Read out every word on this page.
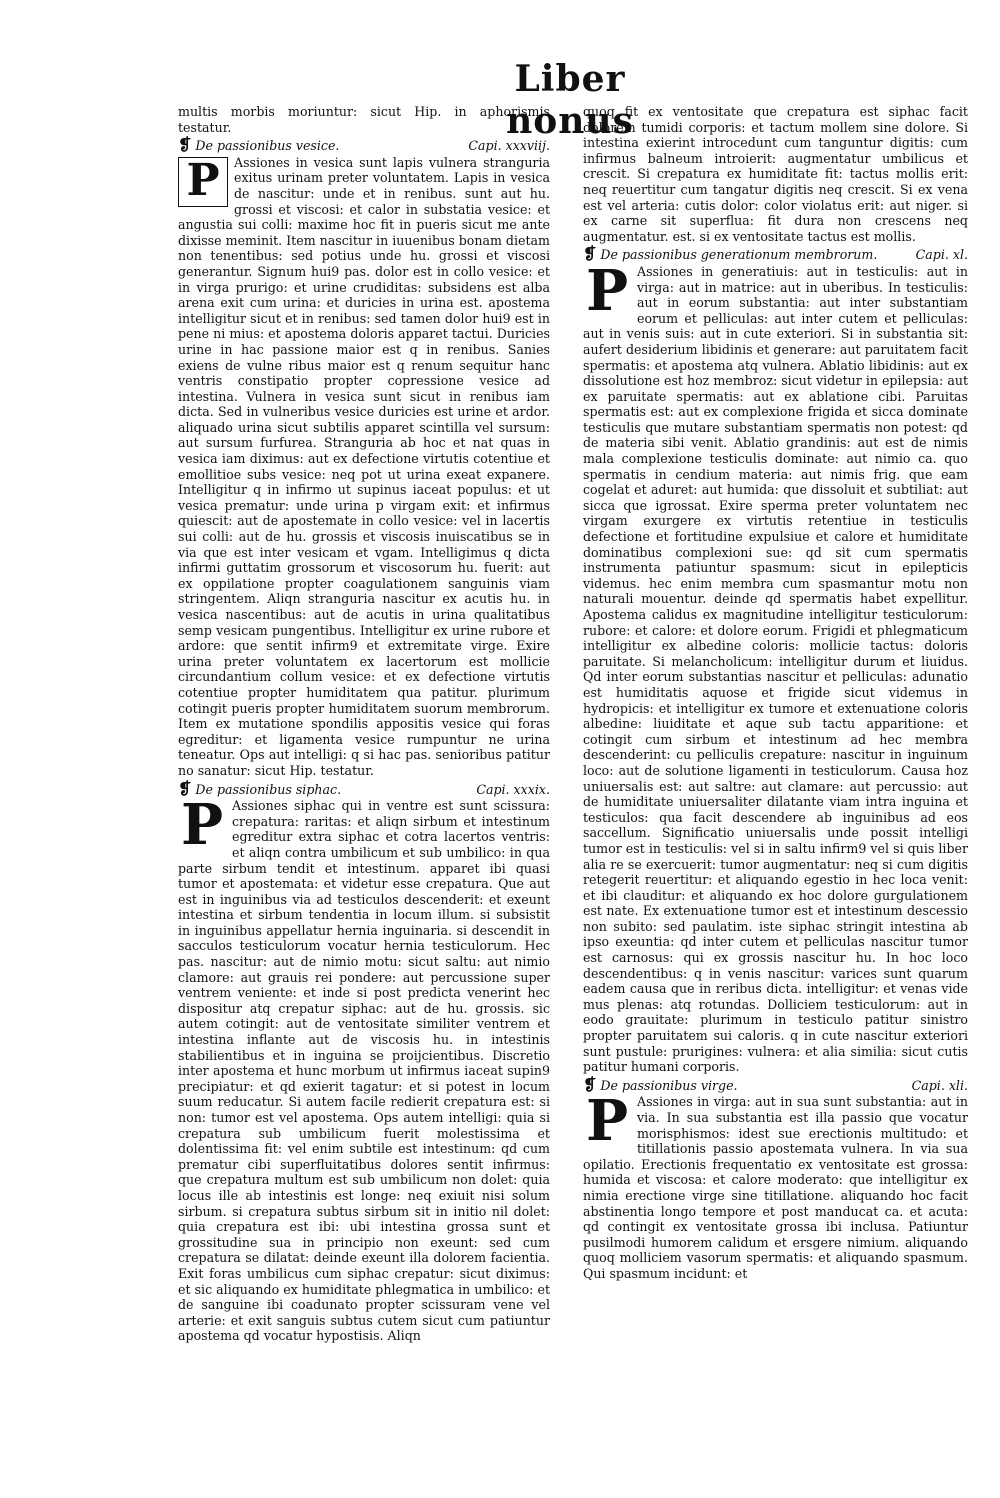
Liber nonus

multis morbis moriuntur: sicut Hip. in aphorismis testatur.

❡ De passionibus vesice.	Capi. xxxviij.

P	Assiones in vesica sunt lapis vulnera stranguria exitus urinam preter voluntatem. Lapis in vesica de nascitur: unde et in renibus. sunt aut hu. grossi et viscosi: et calor in substatia vesice: et angustia sui colli: maxime hoc fit in pueris sicut me ante dixisse meminit. Item nascitur in iuuenibus bonam dietam non tenentibus: sed potius unde hu. grossi et viscosi generantur. Signum hui9 pas. dolor est in collo vesice: et in virga prurigo: et urine crudiditas: subsidens est alba arena exit cum urina: et duricies in urina est. apostema intelligitur sicut et in renibus: sed tamen dolor hui9 est in pene ni mius: et apostema doloris apparet tactui. Duricies urine in hac passione maior est q in renibus. Sanies exiens de vulne ribus maior est q renum sequitur hanc ventris constipatio propter copressione vesice ad intestina. Vulnera in vesica sunt sicut in renibus iam dicta. Sed in vulneribus vesice duricies est urine et ardor. aliquado urina sicut subtilis apparet scintilla vel sursum: aut sursum furfurea. Stranguria ab hoc et nat quas in vesica iam diximus: aut ex defectione virtutis cotentiue et emollitioe subs vesice: neq pot ut urina exeat expanere. Intelligitur q in infirmo ut supinus iaceat populus: et ut vesica prematur: unde urina p virgam exit: et infirmus quiescit: aut de apostemate in collo vesice: vel in lacertis sui colli: aut de hu. grossis et viscosis inuiscatibus se in via que est inter vesicam et vgam. Intelligimus q dicta infirmi guttatim grossorum et viscosorum hu. fuerit: aut ex oppilatione propter coagulationem sanguinis viam stringentem. Aliqn stranguria nascitur ex acutis hu. in vesica nascentibus: aut de acutis in urina qualitatibus semp vesicam pungentibus. Intelligitur ex urine rubore et ardore: que sentit infirm9 et extremitate virge. Exire urina preter voluntatem ex lacertorum est mollicie circundantium collum vesice: et ex defectione virtutis cotentiue propter humiditatem qua patitur. plurimum cotingit pueris propter humiditatem suorum membrorum. Item ex mutatione spondilis appositis vesice qui foras egreditur: et ligamenta vesice rumpuntur ne urina teneatur. Ops aut intelligi: q si hac pas. senioribus patitur no sanatur: sicut Hip. testatur.

❡ De passionibus siphac.	Capi. xxxix.

P Assiones siphac qui in ventre est sunt scissura: crepatura: raritas: et aliqn sirbum et intestinum egreditur extra siphac et cotra lacertos ventris: et aliqn contra umbilicum et sub umbilico: in qua parte sirbum tendit et intestinum. apparet ibi quasi tumor et apostemata: et videtur esse crepatura. Que aut est in inguinibus via ad testiculos descenderit: et exeunt intestina et sirbum tendentia in locum illum. si subsistit in inguinibus appellatur hernia inguinaria. si descendit in sacculos testiculorum vocatur hernia testiculorum. Hec pas. nascitur: aut de nimio motu: sicut saltu: aut nimio clamore: aut grauis rei pondere: aut percussione super ventrem veniente: et inde si post predicta venerint hec dispositur atq crepatur siphac: aut de hu. grossis. sic autem cotingit: aut de ventositate similiter ventrem et intestina inflante aut de viscosis hu. in intestinis stabilientibus et in inguina se proijcientibus. Discretio inter apostema et hunc morbum ut infirmus iaceat supin9 precipiatur: et qd exierit tagatur: et si potest in locum suum reducatur. Si autem facile redierit crepatura est: si non: tumor est vel apostema. Ops autem intelligi: quia si crepatura sub umbilicum fuerit molestissima et dolentissima fit: vel enim subtile est intestinum: qd cum prematur cibi superfluitatibus dolores sentit infirmus: que crepatura multum est sub umbilicum non dolet: quia locus ille ab intestinis est longe: neq exiuit nisi solum sirbum. si crepatura subtus sirbum sit in initio nil dolet: quia crepatura est ibi: ubi intestina grossa sunt et grossitudine sua in principio non exeunt: sed cum crepatura se dilatat: deinde exeunt illa dolorem facientia. Exit foras umbilicus cum siphac crepatur: sicut diximus: et sic aliquando ex humiditate phlegmatica in umbilico: et de sanguine ibi coadunato propter scissuram vene vel arterie: et exit sanguis subtus cutem sicut cum patiuntur apostema qd vocatur hypostisis. Aliqn

quoq fit ex ventositate que crepatura est siphac facit dolorem tumidi corporis: et tactum mollem sine dolore. Si intestina exierint introcedunt cum tanguntur digitis: cum infirmus balneum introierit: augmentatur umbilicus et crescit. Si crepatura ex humiditate fit: tactus mollis erit: neq reuertitur cum tangatur digitis neq crescit. Si ex vena est vel arteria: cutis dolor: color violatus erit: aut niger. si ex carne sit superflua: fit dura non crescens neq augmentatur. est. si ex ventositate tactus est mollis.

❡ De passionibus generationum membrorum.	Capi. xl.

P Assiones in generatiuis: aut in testiculis: aut in virga: aut in matrice: aut in uberibus. In testiculis: aut in eorum substantia: aut inter substantiam eorum et pelliculas: aut inter cutem et pelliculas: aut in venis suis: aut in cute exteriori. Si in substantia sit: aufert desiderium libidinis et generare: aut paruitatem facit spermatis: et apostema atq vulnera. Ablatio libidinis: aut ex dissolutione est hoz membroz: sicut videtur in epilepsia: aut ex paruitate spermatis: aut ex ablatione cibi. Paruitas spermatis est: aut ex complexione frigida et sicca dominate testiculis que mutare substantiam spermatis non potest: qd de materia sibi venit. Ablatio grandinis: aut est de nimis mala complexione testiculis dominate: aut nimio ca. quo spermatis in cendium materia: aut nimis frig. que eam cogelat et aduret: aut humida: que dissoluit et subtiliat: aut sicca que igrossat. Exire sperma preter voluntatem nec virgam exurgere ex virtutis retentiue in testiculis defectione et fortitudine expulsiue et calore et humiditate dominatibus complexioni sue: qd sit cum spermatis instrumenta patiuntur spasmum: sicut in epilepticis videmus. hec enim membra cum spasmantur motu non naturali mouentur. deinde qd spermatis habet expellitur. Apostema calidus ex magnitudine intelligitur testiculorum: rubore: et calore: et dolore eorum. Frigidi et phlegmaticum intelligitur ex albedine coloris: mollicie tactus: doloris paruitate. Si melancholicum: intelligitur durum et liuidus. Qd inter eorum substantias nascitur et pelliculas: adunatio est humiditatis aquose et frigide sicut videmus in hydropicis: et intelligitur ex tumore et extenuatione coloris albedine: liuiditate et aque sub tactu apparitione: et cotingit cum sirbum et intestinum ad hec membra descenderint: cu pelliculis crepature: nascitur in inguinum loco: aut de solutione ligamenti in testiculorum. Causa hoz uniuersalis est: aut saltre: aut clamare: aut percussio: aut de humiditate uniuersaliter dilatante viam intra inguina et testiculos: qua facit descendere ab inguinibus ad eos saccellum. Significatio uniuersalis unde possit intelligi tumor est in testiculis: vel si in saltu infirm9 vel si quis liber alia re se exercuerit: tumor augmentatur: neq si cum digitis retegerit reuertitur: et aliquando egestio in hec loca venit: et ibi clauditur: et aliquando ex hoc dolore gurgulationem est nate. Ex extenuatione tumor est et intestinum descessio non subito: sed paulatim. iste siphac stringit intestina ab ipso exeuntia: qd inter cutem et pelliculas nascitur tumor est carnosus: qui ex grossis nascitur hu. In hoc loco descendentibus: q in venis nascitur: varices sunt quarum eadem causa que in reribus dicta. intelligitur: et venas vide mus plenas: atq rotundas. Dolliciem testiculorum: aut in eodo grauitate: plurimum in testiculo patitur sinistro propter paruitatem sui caloris. q in cute nascitur exteriori sunt pustule: prurigines: vulnera: et alia similia: sicut cutis patitur humani corporis.

❡ De passionibus virge.	Capi. xli.

P Assiones in virga: aut in sua sunt substantia: aut in via. In sua substantia est illa passio que vocatur morisphismos: idest sue erectionis multitudo: et titillationis passio apostemata vulnera. In via sua opilatio. Erectionis frequentatio ex ventositate est grossa: humida et viscosa: et calore moderato: que intelligitur ex nimia erectione virge sine titillatione. aliquando hoc facit abstinentia longo tempore et post manducat ca. et acuta: qd contingit ex ventositate grossa ibi inclusa. Patiuntur pusilmodi humorem calidum et ersgere nimium. aliquando quoq molliciem vasorum spermatis: et aliquando spasmum. Qui spasmum incidunt: et
